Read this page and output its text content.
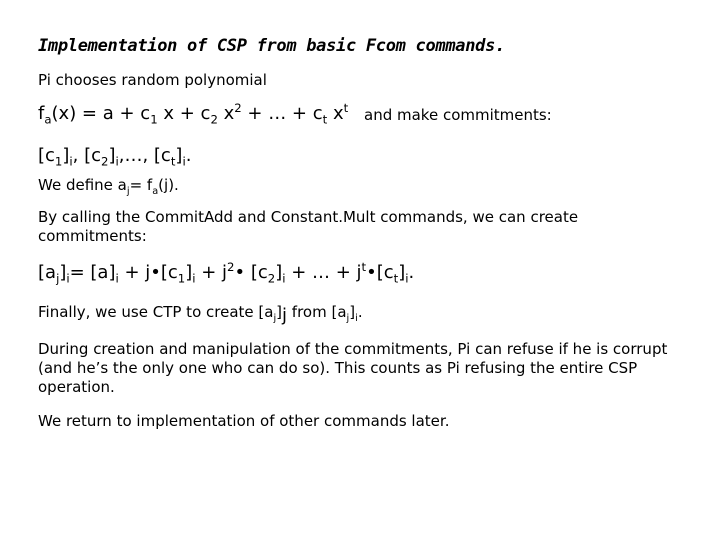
Implementation of CSP from basic Fcom commands.
Pi chooses random polynomial
$f_a(x) = a + c_1$ $x + c_2$ $x^2$ + … + $c_t$ $x^t$ and make commitments:
$[c_1]_i$, $[c_2]_i,\dots$, $[c_t]_i$.
We define $a_j= f_a(j)$.
By calling the CommitAdd and Constant.Mult commands, we can create commitments:
$[a_j]_i= [a]_i$ + $j•[c_1]_i$ + $j^2•$ $[c_2]_i$ + … + $j^t•[c_t]_i$.
Finally, we use CTP to create $[a_j]_j$ from $[a_j]_i$.
During creation and manipulation of the commitments, Pi can refuse if he is corrupt (and he’s the only one who can do so). This counts as Pi refusing the entire CSP operation.
We return to implementation of other commands later.
